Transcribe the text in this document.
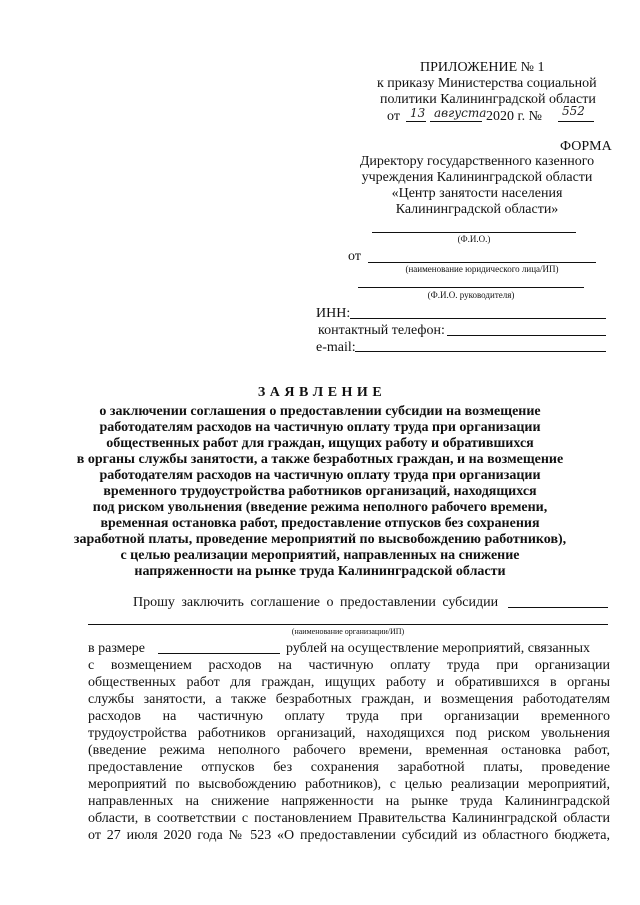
ПРИЛОЖЕНИЕ № 1
к приказу Министерства социальной
политики Калининградской области
от 13 августа 2020 г. № 552
ФОРМА
Директору государственного казенного
учреждения Калининградской области
«Центр занятости населения
Калининградской области»
(Ф.И.О.)
от
(наименование юридического лица/ИП)
(Ф.И.О. руководителя)
ИНН:
контактный телефон:
e-mail:
З А Я В Л Е Н И Е
о заключении соглашения о предоставлении субсидии на возмещение
работодателям расходов на частичную оплату труда при организации
общественных работ для граждан, ищущих работу и обратившихся
в органы службы занятости, а также безработных граждан, и на возмещение
работодателям расходов на частичную оплату труда при организации
временного трудоустройства работников организаций, находящихся
под риском увольнения (введение режима неполного рабочего времени,
временная остановка работ, предоставление отпусков без сохранения
заработной платы, проведение мероприятий по высвобождению работников),
с целью реализации мероприятий, направленных на снижение
напряженности на рынке труда Калининградской области
Прошу заключить соглашение о предоставлении субсидии
(наименование организации/ИП)
в размере	рублей на осуществление мероприятий, связанных
с возмещением расходов на частичную оплату труда при организации
общественных работ для граждан, ищущих работу и обратившихся в органы
службы занятости, а также безработных граждан, и возмещения работодателям
расходов на частичную оплату труда при организации временного
трудоустройства работников организаций, находящихся под риском увольнения
(введение режима неполного рабочего времени, временная остановка работ,
предоставление отпусков без сохранения заработной платы, проведение
мероприятий по высвобождению работников), с целью реализации мероприятий,
направленных на снижение напряженности на рынке труда Калининградской
области, в соответствии с постановлением Правительства Калининградской области
от 27 июля 2020 года № 523 «О предоставлении субсидий из областного бюджета,
